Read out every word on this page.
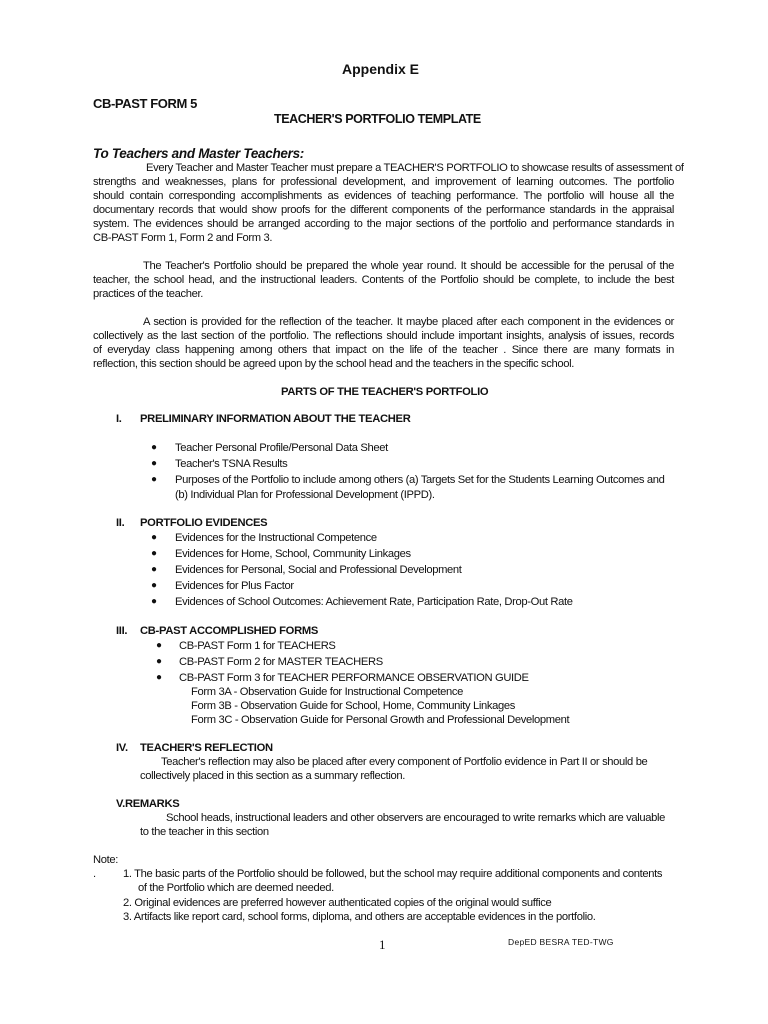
Appendix E
CB-PAST FORM 5
TEACHER'S PORTFOLIO TEMPLATE
To Teachers and Master Teachers:
Every Teacher and Master Teacher must prepare a TEACHER'S PORTFOLIO to showcase results of assessment of
strengths and weaknesses, plans for professional development, and improvement of learning outcomes. The portfolio
should contain corresponding accomplishments as evidences of teaching performance. The portfolio will house all the
documentary records that would show proofs for the different components of the performance standards in the appraisal
system. The evidences should be arranged according to the major sections of the portfolio and performance standards in
CB-PAST Form 1, Form 2 and Form 3.
The Teacher's Portfolio should be prepared the whole year round. It should be accessible for the perusal of the
teacher, the school head, and the instructional leaders. Contents of the Portfolio should be complete, to include the best
practices of the teacher.
A section is provided for the reflection of the teacher. It maybe placed after each component in the evidences or
collectively as the last section of the portfolio. The reflections should include important insights, analysis of issues, records
of everyday class happening among others that impact on the life of the teacher . Since there are many formats in
reflection, this section should be agreed upon by the school head and the teachers in the specific school.
PARTS OF THE TEACHER'S PORTFOLIO
I. PRELIMINARY INFORMATION ABOUT THE TEACHER
● Teacher Personal Profile/Personal Data Sheet
● Teacher's TSNA Results
● Purposes of the Portfolio to include among others (a) Targets Set for the Students Learning Outcomes and
(b) Individual Plan for Professional Development (IPPD).
II. PORTFOLIO EVIDENCES
● Evidences for the Instructional Competence
● Evidences for Home, School, Community Linkages
● Evidences for Personal, Social and Professional Development
● Evidences for Plus Factor
● Evidences of School Outcomes: Achievement Rate, Participation Rate, Drop-Out Rate
III. CB-PAST ACCOMPLISHED FORMS
● CB-PAST Form 1 for TEACHERS
● CB-PAST Form 2 for MASTER TEACHERS
● CB-PAST Form 3 for TEACHER PERFORMANCE OBSERVATION GUIDE
Form 3A - Observation Guide for Instructional Competence
Form 3B - Observation Guide for School, Home, Community Linkages
Form 3C - Observation Guide for Personal Growth and Professional Development
IV. TEACHER'S REFLECTION
Teacher's reflection may also be placed after every component of Portfolio evidence in Part II or should be
collectively placed in this section as a summary reflection.
V.REMARKS
School heads, instructional leaders and other observers are encouraged to write remarks which are valuable
to the teacher in this section
Note:
. 1. The basic parts of the Portfolio should be followed, but the school may require additional components and contents
of the Portfolio which are deemed needed.
2. Original evidences are preferred however authenticated copies of the original would suffice
3. Artifacts like report card, school forms, diploma, and others are acceptable evidences in the portfolio.
1	DepED BESRA TED-TWG
